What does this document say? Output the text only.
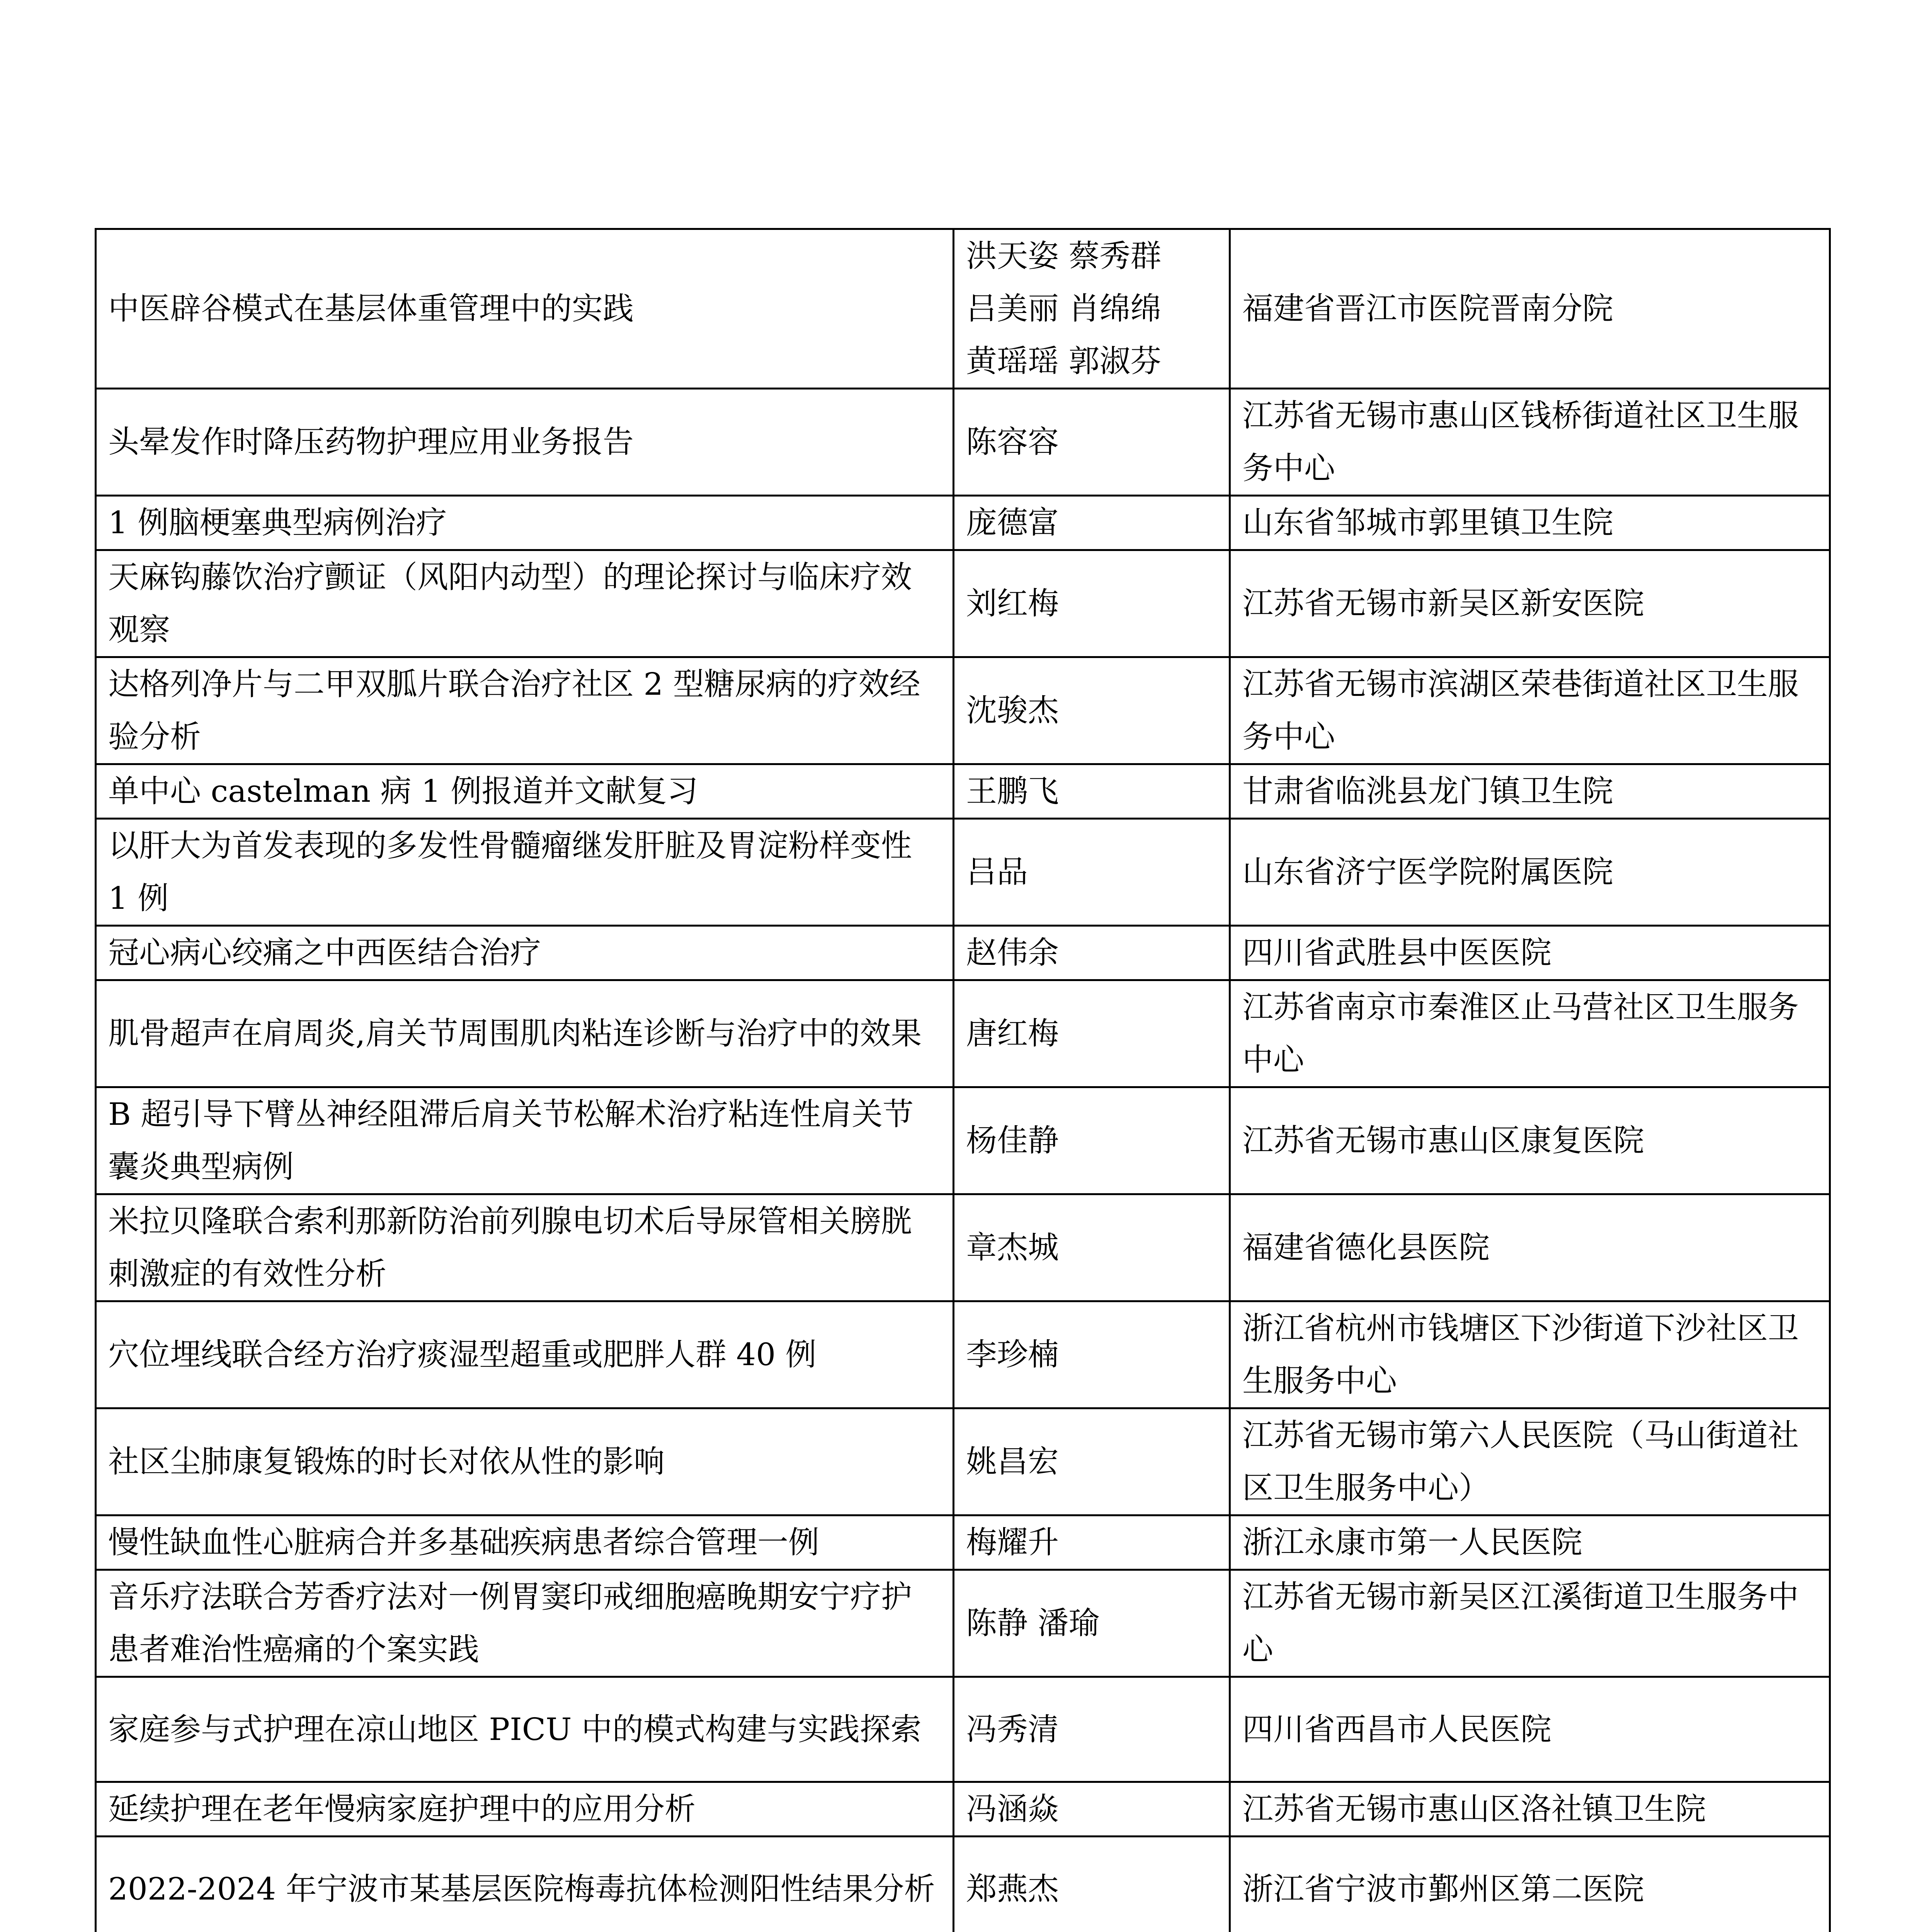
中医辟谷模式在基层体重管理中的实践	洪天姿 蔡秀群
吕美丽 肖绵绵
黄瑶瑶 郭淑芬	福建省晋江市医院晋南分院
头晕发作时降压药物护理应用业务报告	陈容容	江苏省无锡市惠山区钱桥街道社区卫生服务中心
1 例脑梗塞典型病例治疗	庞德富	山东省邹城市郭里镇卫生院
天麻钩藤饮治疗颤证（风阳内动型）的理论探讨与临床疗效观察	刘红梅	江苏省无锡市新吴区新安医院
达格列净片与二甲双胍片联合治疗社区 2 型糖尿病的疗效经验分析	沈骏杰	江苏省无锡市滨湖区荣巷街道社区卫生服务中心
单中心 castelman 病 1 例报道并文献复习	王鹏飞	甘肃省临洮县龙门镇卫生院
以肝大为首发表现的多发性骨髓瘤继发肝脏及胃淀粉样变性 1 例	吕品	山东省济宁医学院附属医院
冠心病心绞痛之中西医结合治疗	赵伟余	四川省武胜县中医医院
肌骨超声在肩周炎,肩关节周围肌肉粘连诊断与治疗中的效果	唐红梅	江苏省南京市秦淮区止马营社区卫生服务中心
B 超引导下臂丛神经阻滞后肩关节松解术治疗粘连性肩关节囊炎典型病例	杨佳静	江苏省无锡市惠山区康复医院
米拉贝隆联合索利那新防治前列腺电切术后导尿管相关膀胱刺激症的有效性分析	章杰城	福建省德化县医院
穴位埋线联合经方治疗痰湿型超重或肥胖人群 40 例	李珍楠	浙江省杭州市钱塘区下沙街道下沙社区卫生服务中心
社区尘肺康复锻炼的时长对依从性的影响	姚昌宏	江苏省无锡市第六人民医院（马山街道社区卫生服务中心）
慢性缺血性心脏病合并多基础疾病患者综合管理一例	梅耀升	浙江永康市第一人民医院
音乐疗法联合芳香疗法对一例胃窦印戒细胞癌晚期安宁疗护患者难治性癌痛的个案实践	陈静 潘瑜	江苏省无锡市新吴区江溪街道卫生服务中心
家庭参与式护理在凉山地区 PICU 中的模式构建与实践探索	冯秀清	四川省西昌市人民医院
延续护理在老年慢病家庭护理中的应用分析	冯涵焱	江苏省无锡市惠山区洛社镇卫生院
2022-2024 年宁波市某基层医院梅毒抗体检测阳性结果分析	郑燕杰	浙江省宁波市鄞州区第二医院
